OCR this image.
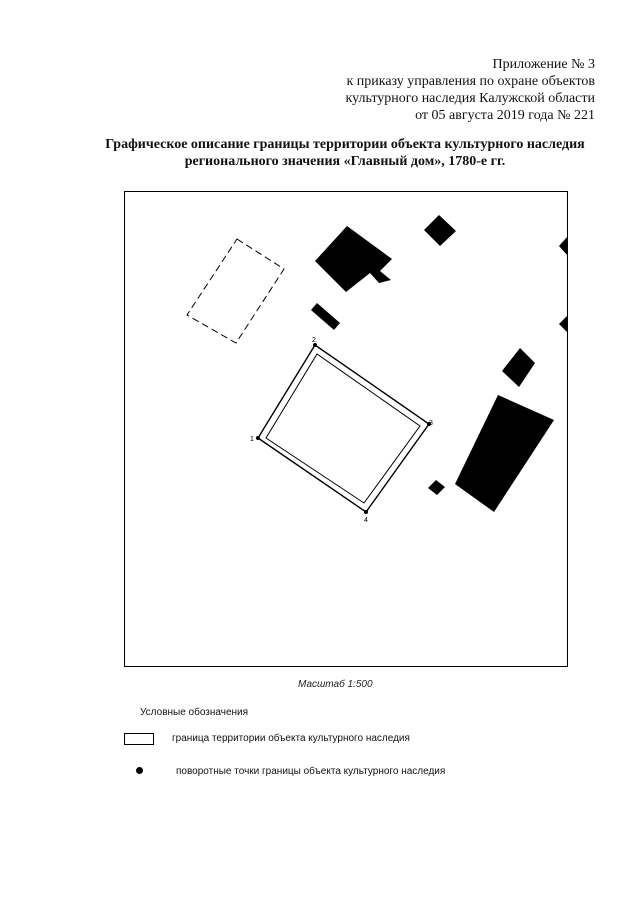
Приложение № 3
к приказу управления по охране объектов
культурного наследия Калужской области
от 05 августа 2019 года № 221
Графическое описание границы территории объекта культурного наследия
регионального значения «Главный дом», 1780-е гг.
1
2
3
4
Масштаб 1:500
Условные обозначения
граница территории объекта культурного наследия
поворотные точки границы объекта культурного наследия
